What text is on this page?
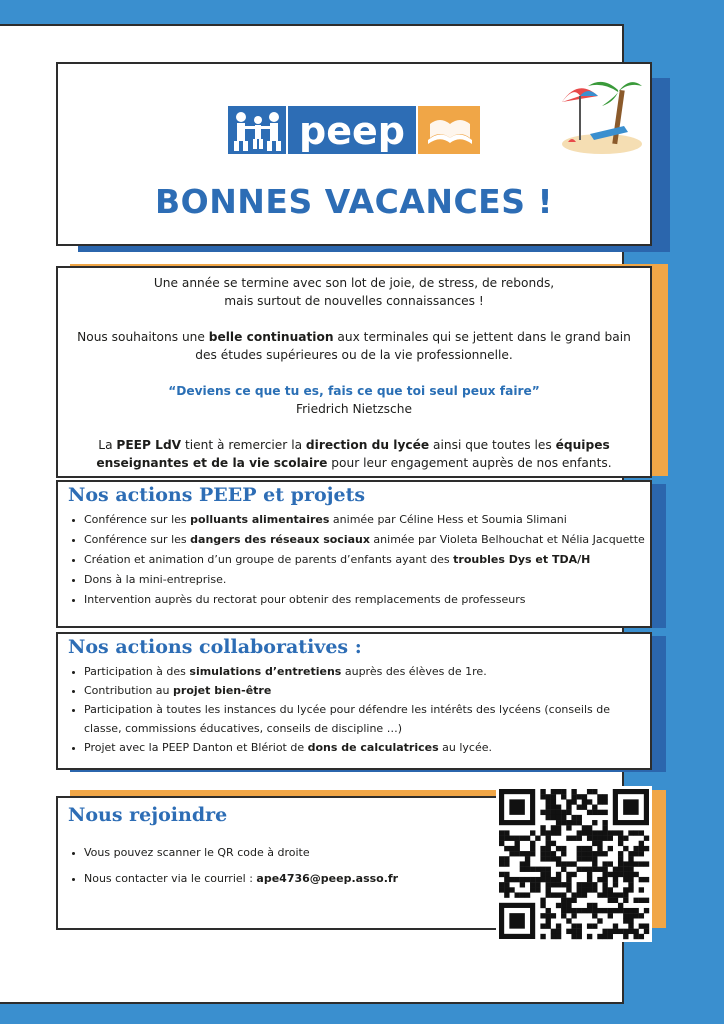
peep
BONNES VACANCES !

Une année se termine avec son lot de joie, de stress, de rebonds,
mais surtout de nouvelles connaissances !

Nous souhaitons une belle continuation aux terminales qui se jettent dans le grand bain
des études supérieures ou de la vie professionnelle.

“Deviens ce que tu es, fais ce que toi seul peux faire”

Friedrich Nietzsche

La PEEP LdV tient à remercier la direction du lycée ainsi que toutes les équipes
enseignantes et de la vie scolaire pour leur engagement auprès de nos enfants.

Nos actions PEEP et projets
• Conférence sur les polluants alimentaires animée par Céline Hess et Soumia Slimani
• Conférence sur les dangers des réseaux sociaux animée par Violeta Belhouchat et Nélia Jacquette
• Création et animation d’un groupe de parents d’enfants ayant des troubles Dys et TDA/H
• Dons à la mini-entreprise.
• Intervention auprès du rectorat pour obtenir des remplacements de professeurs
Nos actions collaboratives :
• Participation à des simulations d’entretiens auprès des élèves de 1re.
• Contribution au projet bien-être
• Participation à toutes les instances du lycée pour défendre les intérêts des lycéens (conseils de classe, commissions éducatives, conseils de discipline …)
• Projet avec la PEEP Danton et Blériot de dons de calculatrices au lycée.
Nous rejoindre
• Vous pouvez scanner le QR code à droite
• Nous contacter via le courriel : ape4736@peep.asso.fr
